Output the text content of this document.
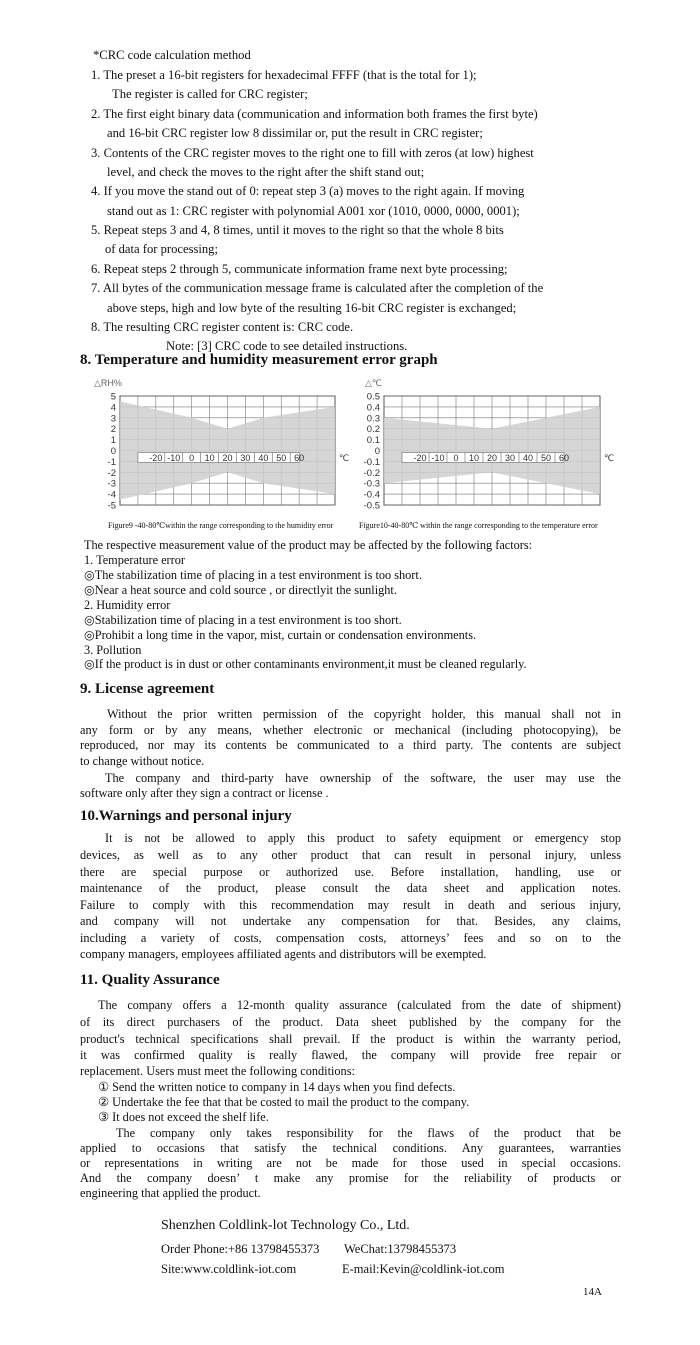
*CRC code calculation method
1. The preset a 16-bit registers for hexadecimal FFFF (that is the total for 1);
The register is called for CRC register;
2. The first eight binary data (communication and information both frames the first byte)
and 16-bit CRC register low 8 dissimilar or, put the result in CRC register;
3. Contents of the CRC register moves to the right one to fill with zeros (at low) highest
level, and check the moves to the right after the shift stand out;
4. If you move the stand out of 0: repeat step 3 (a) moves to the right again. If moving
stand out as 1: CRC register with polynomial A001 xor (1010, 0000, 0000, 0001);
5. Repeat steps 3 and 4, 8 times, until it moves to the right so that the whole 8 bits
of data for processing;
6. Repeat steps 2 through 5, communicate information frame next byte processing;
7. All bytes of the communication message frame is calculated after the completion of the
above steps, high and low byte of the resulting 16-bit CRC register is exchanged;
8. The resulting CRC register content is: CRC code.
Note: [3] CRC code to see detailed instructions.
8. Temperature and humidity measurement error graph
△RH%
5
4
3
2
1
0
-1
-2
-3
-4
-5
-20 -10 0 10 20 30 40 50 60	℃
△℃
0.5
0.4
0.3
0.2
0.1
0
-0.1
-0.2
-0.3
-0.4
-0.5
-20 -10 0 10 20 30 40 50 60	℃
Figure9 -40-80℃within the range corresponding to the humidity error	Figure10-40-80℃ within the range corresponding to the temperature error
The respective measurement value of the product may be affected by the following factors:
1. Temperature error
◎The stabilization time of placing in a test environment is too short.
◎Near a heat source and cold source , or directlyit the sunlight.
2. Humidity error
◎Stabilization time of placing in a test environment is too short.
◎Prohibit a long time in the vapor, mist, curtain or condensation environments.
3. Pollution
◎If the product is in dust or other contaminants environment,it must be cleaned regularly.
9. License agreement
Without the prior written permission of the copyright holder, this manual shall not in
any form or by any means, whether electronic or mechanical (including photocopying), be
reproduced, nor may its contents be communicated to a third party. The contents are subject
to change without notice.
The company and third-party have ownership of the software, the user may use the
software only after they sign a contract or license .
10.Warnings and personal injury
It is not be allowed to apply this product to safety equipment or emergency stop
devices, as well as to any other product that can result in personal injury, unless
there are special purpose or authorized use. Before installation, handling, use or
maintenance of the product, please consult the data sheet and application notes.
Failure to comply with this recommendation may result in death and serious injury,
and company will not undertake any compensation for that. Besides, any claims,
including a variety of costs, compensation costs, attorneys’ fees and so on to the
company managers, employees affiliated agents and distributors will be exempted.
11. Quality Assurance
The company offers a 12-month quality assurance (calculated from the date of shipment)
of its direct purchasers of the product. Data sheet published by the company for the
product's technical specifications shall prevail. If the product is within the warranty period,
it was confirmed quality is really flawed, the company will provide free repair or
replacement. Users must meet the following conditions:
① Send the written notice to company in 14 days when you find defects.
② Undertake the fee that that be costed to mail the product to the company.
③ It does not exceed the shelf life.
The company only takes responsibility for the flaws of the product that be
applied to occasions that satisfy the technical conditions. Any guarantees, warranties
or representations in writing are not be made for those used in special occasions.
And the company doesn’ t make any promise for the reliability of products or
engineering that applied the product.
Shenzhen Coldlink-lot Technology Co., Ltd.
Order Phone:+86 13798455373 WeChat:13798455373
Site:www.coldlink-iot.com	E-mail:Kevin@coldlink-iot.com
14A
